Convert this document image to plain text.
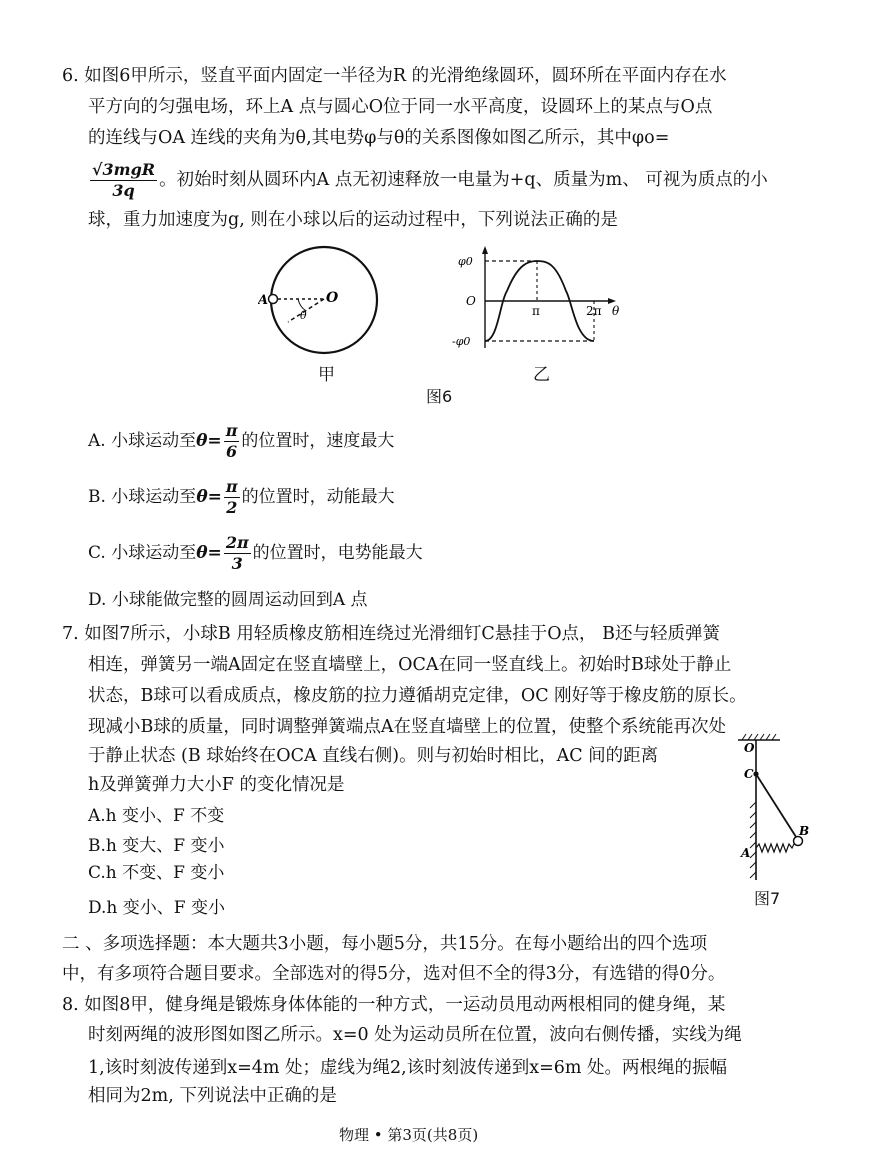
6. 如图6甲所示，竖直平面内固定一半径为R 的光滑绝缘圆环，圆环所在平面内存在水
平方向的匀强电场，环上A 点与圆心O位于同一水平高度，设圆环上的某点与O点
的连线与OA 连线的夹角为θ,其电势φ与θ的关系图像如图乙所示，其中φo=
$\frac{\text{√3mgR}}{3q}$ 。初始时刻从圆环内A 点无初速释放一电量为+q、质量为m、 可视为质点的小
球，重力加速度为g, 则在小球以后的运动过程中，下列说法正确的是
A	O
θ
φ0
O
-φ0
π	2π θ
甲	乙
图6
A. 小球运动至$\theta= \frac{\pi}{6}$ 的位置时，速度最大
B. 小球运动至$\theta= \frac{\pi}{2}$ 的位置时，动能最大
C. 小球运动至$\theta= \frac{2\pi}{3}$ 的位置时，电势能最大
D. 小球能做完整的圆周运动回到A 点
7. 如图7所示，小球B 用轻质橡皮筋相连绕过光滑细钉C悬挂于O点， B还与轻质弹簧
相连，弹簧另一端A固定在竖直墙壁上，OCA在同一竖直线上。初始时B球处于静止
状态，B球可以看成质点，橡皮筋的拉力遵循胡克定律，OC 刚好等于橡皮筋的原长。
现减小B球的质量，同时调整弹簧端点A在竖直墙壁上的位置，使整个系统能再次处
于静止状态 (B 球始终在OCA 直线右侧)。则与初始时相比，AC 间的距离
h及弹簧弹力大小F 的变化情况是
A.h 变小、F 不变
B.h 变大、F 变小
C.h 不变、F 变小
D.h 变小、F 变小
O
C
B
A
图7
二 、多项选择题：本大题共3小题，每小题5分，共15分。在每小题给出的四个选项
中，有多项符合题目要求。全部选对的得5分，选对但不全的得3分，有选错的得0分。
8. 如图8甲，健身绳是锻炼身体体能的一种方式，一运动员甩动两根相同的健身绳，某
时刻两绳的波形图如图乙所示。x=0 处为运动员所在位置，波向右侧传播，实线为绳
1,该时刻波传递到x=4m 处；虚线为绳2,该时刻波传递到x=6m 处。两根绳的振幅
相同为2m, 下列说法中正确的是
物理 • 第3页(共8页)
